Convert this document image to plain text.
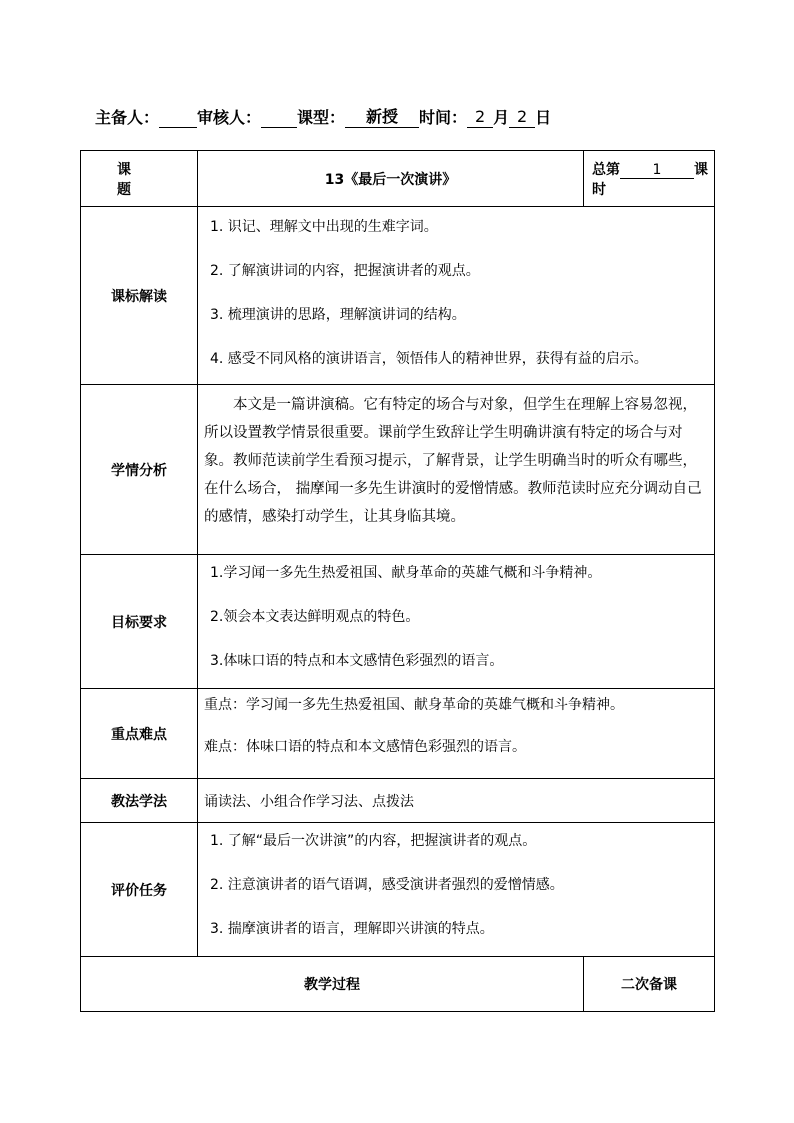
主备人： 审核人： 课型：	新授	时间： 2 月 2 日
课 题	13《最后一次演讲》	总第 1 课时
课标解读	1. 识记、理解文中出现的生难字词。
2. 了解演讲词的内容，把握演讲者的观点。
3. 梳理演讲的思路，理解演讲词的结构。
4. 感受不同风格的演讲语言，领悟伟人的精神世界，获得有益的启示。	

学情分析	本文是一篇讲演稿。它有特定的场合与对象，但学生在理解上容易忽视，所以设置教学情景很重要。课前学生致辞让学生明确讲演有特定的场合与对象。教师范读前学生看预习提示，了解背景，让学生明确当时的听众有哪些，在什么场合， 揣摩闻一多先生讲演时的爱憎情感。教师范读时应充分调动自己的感情，感染打动学生，让其身临其境。	

目标要求	1.学习闻一多先生热爱祖国、献身革命的英雄气概和斗争精神。
2.领会本文表达鲜明观点的特色。
3.体味口语的特点和本文感情色彩强烈的语言。	

重点难点	重点：学习闻一多先生热爱祖国、献身革命的英雄气概和斗争精神。
难点：体味口语的特点和本文感情色彩强烈的语言。	

教法学法	诵读法、小组合作学习法、点拨法	
评价任务	1. 了解“最后一次讲演”的内容，把握演讲者的观点。
2. 注意演讲者的语气语调，感受演讲者强烈的爱憎情感。
3. 揣摩演讲者的语言，理解即兴讲演的特点。	

教学过程		二次备课
